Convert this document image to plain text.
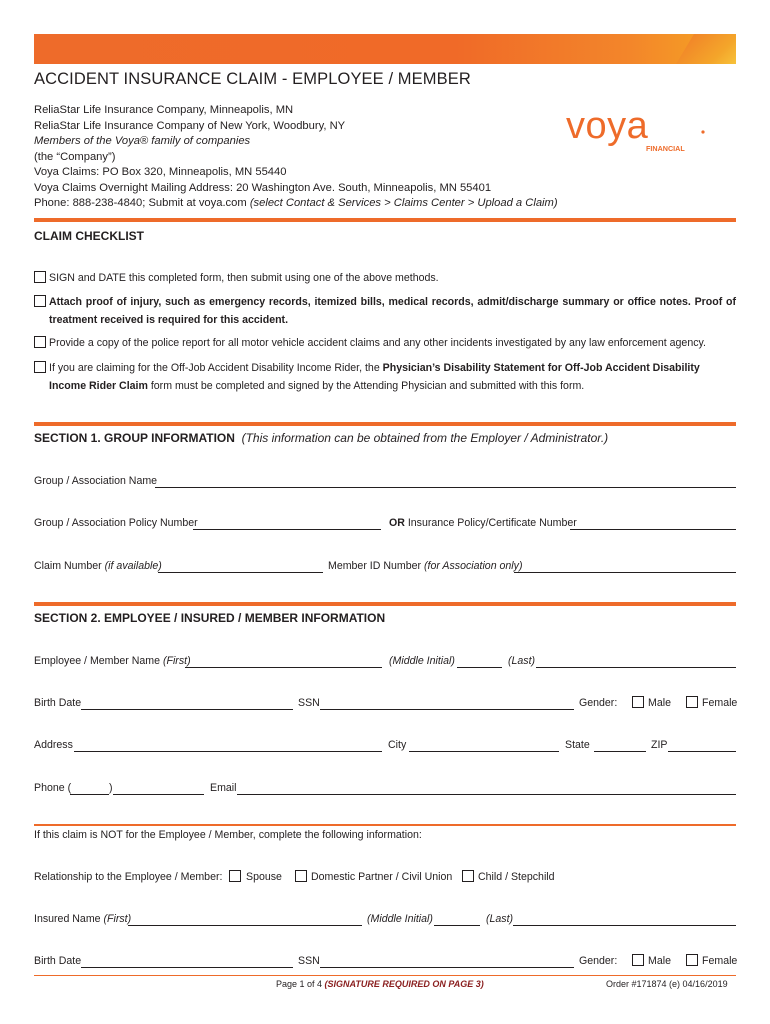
ACCIDENT INSURANCE CLAIM - EMPLOYEE / MEMBER
ReliaStar Life Insurance Company, Minneapolis, MN
ReliaStar Life Insurance Company of New York, Woodbury, NY
Members of the Voya® family of companies
(the “Company”)
Voya Claims: PO Box 320, Minneapolis, MN 55440
Voya Claims Overnight Mailing Address: 20 Washington Ave. South, Minneapolis, MN 55401
Phone: 888-238-4840; Submit at voya.com (select Contact & Services > Claims Center > Upload a Claim)
voya
FINANCIAL
CLAIM CHECKLIST
SIGN and DATE this completed form, then submit using one of the above methods.
Attach proof of injury, such as emergency records, itemized bills, medical records, admit/discharge summary or office notes. Proof of treatment received is required for this accident.
Provide a copy of the police report for all motor vehicle accident claims and any other incidents investigated by any law enforcement agency.
If you are claiming for the Off-Job Accident Disability Income Rider, the Physician’s Disability Statement for Off-Job Accident Disability Income Rider Claim form must be completed and signed by the Attending Physician and submitted with this form.
SECTION 1. GROUP INFORMATION (This information can be obtained from the Employer / Administrator.)
Group / Association Name
Group / Association Policy Number	OR Insurance Policy/Certificate Number
Claim Number (if available)	Member ID Number (for Association only)
SECTION 2. EMPLOYEE / INSURED / MEMBER INFORMATION
Employee / Member Name (First)	(Middle Initial)	(Last)
Birth Date	SSN	Gender:	Male	Female
Address	City	State	ZIP
Phone (	)	Email
If this claim is NOT for the Employee / Member, complete the following information:
Relationship to the Employee / Member: Spouse	Domestic Partner / Civil Union Child / Stepchild
Insured Name (First)	(Middle Initial)	(Last)
Birth Date	SSN	Gender:	Male	Female
Page 1 of 4 (SIGNATURE REQUIRED ON PAGE 3)	Order #171874 (e) 04/16/2019
